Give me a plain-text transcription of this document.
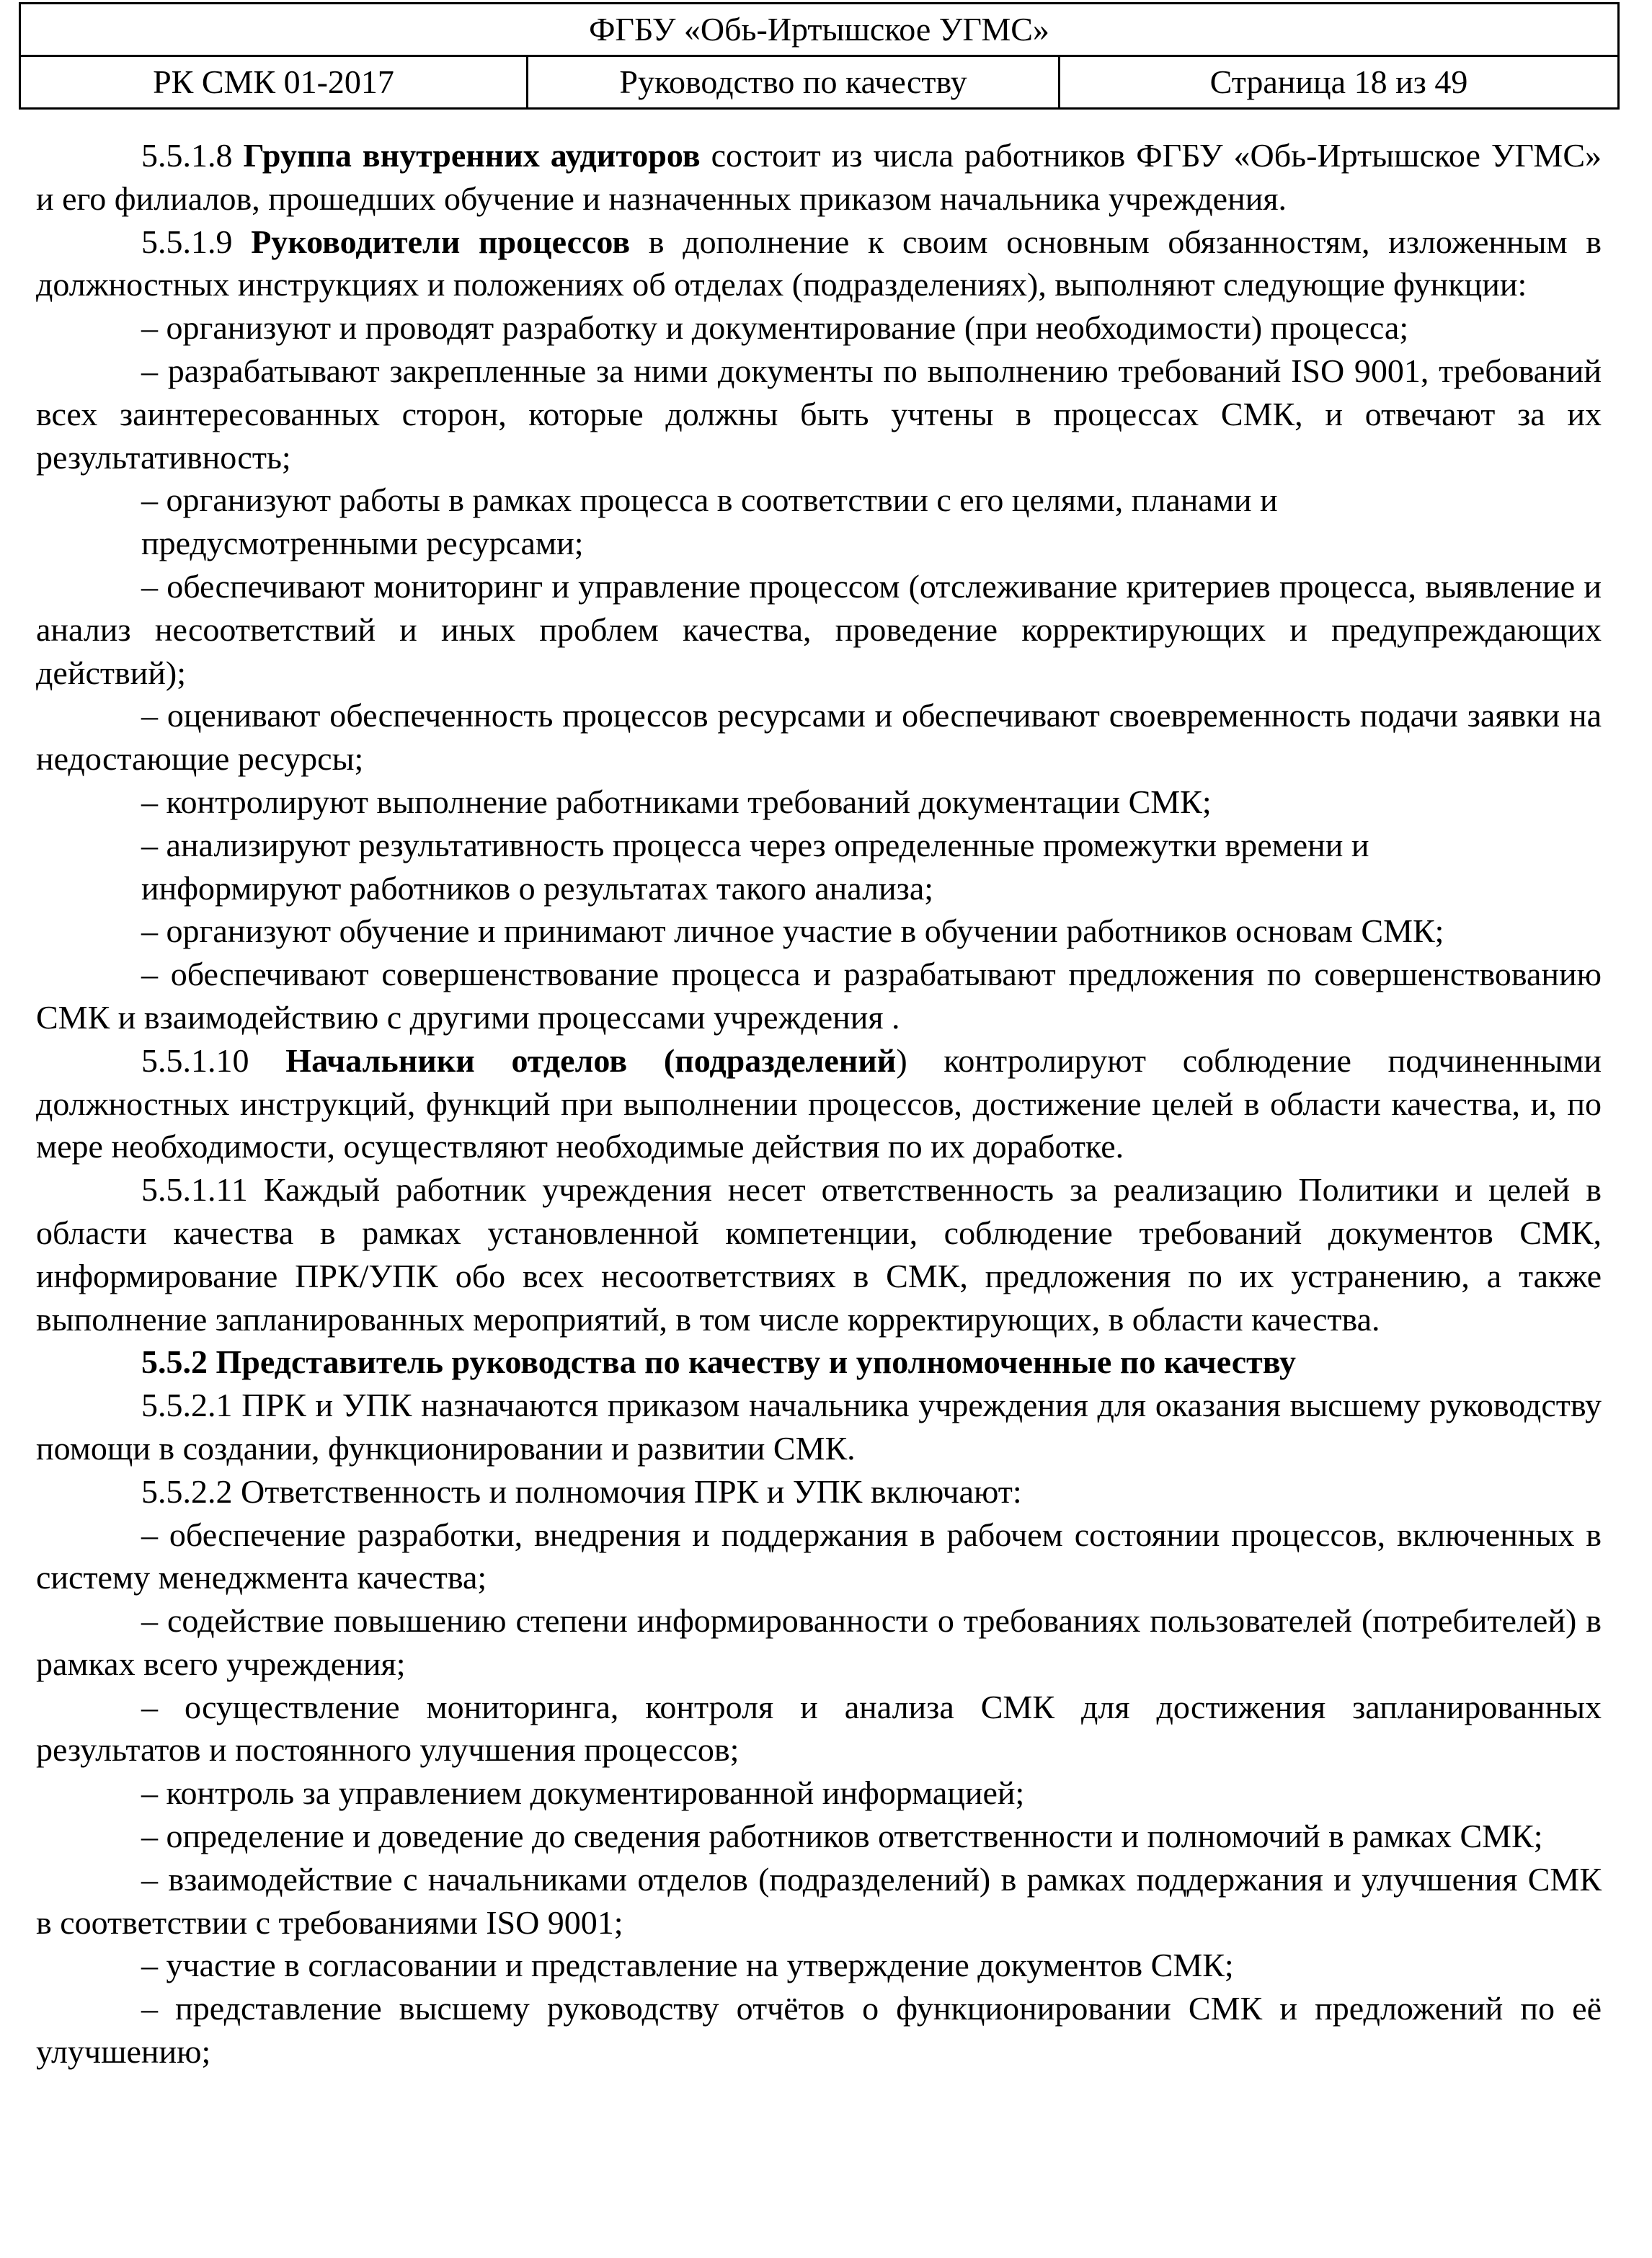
ФГБУ «Обь-Иртышское УГМС»
РК СМК 01-2017	Руководство по качеству	Страница 18 из 49

5.5.1.8 Группа внутренних аудиторов состоит из числа работников ФГБУ «Обь-Иртышское УГМС» и его филиалов, прошедших обучение и назначенных приказом начальника учреждения.

5.5.1.9 Руководители процессов в дополнение к своим основным обязанностям, изложенным в должностных инструкциях и положениях об отделах (подразделениях), выполняют следующие функции:

– организуют и проводят разработку и документирование (при необходимости) процесса;

– разрабатывают закрепленные за ними документы по выполнению требований ISO 9001, требований всех заинтересованных сторон, которые должны быть учтены в процессах СМК, и отвечают за их результативность;

– организуют работы в рамках процесса в соответствии с его целями, планами и

предусмотренными ресурсами;

– обеспечивают мониторинг и управление процессом (отслеживание критериев процесса, выявление и анализ несоответствий и иных проблем качества, проведение корректирующих и предупреждающих действий);

– оценивают обеспеченность процессов ресурсами и обеспечивают своевременность подачи заявки на недостающие ресурсы;

– контролируют выполнение работниками требований документации СМК;

– анализируют результативность процесса через определенные промежутки времени и

информируют работников о результатах такого анализа;

– организуют обучение и принимают личное участие в обучении работников основам СМК;

– обеспечивают совершенствование процесса и разрабатывают предложения по совершенствованию СМК и взаимодействию с другими процессами учреждения .

5.5.1.10 Начальники отделов (подразделений) контролируют соблюдение подчиненными должностных инструкций, функций при выполнении процессов, достижение целей в области качества, и, по мере необходимости, осуществляют необходимые действия по их доработке.

5.5.1.11 Каждый работник учреждения несет ответственность за реализацию Политики и целей в области качества в рамках установленной компетенции, соблюдение требований документов СМК, информирование ПРК/УПК обо всех несоответствиях в СМК, предложения по их устранению, а также выполнение запланированных мероприятий, в том числе корректирующих, в области качества.

5.5.2 Представитель руководства по качеству и уполномоченные по качеству

5.5.2.1 ПРК и УПК назначаются приказом начальника учреждения для оказания высшему руководству помощи в создании, функционировании и развитии СМК.

5.5.2.2 Ответственность и полномочия ПРК и УПК включают:

– обеспечение разработки, внедрения и поддержания в рабочем состоянии процессов, включенных в систему менеджмента качества;

– содействие повышению степени информированности о требованиях пользователей (потребителей) в рамках всего учреждения;

– осуществление мониторинга, контроля и анализа СМК для достижения запланированных результатов и постоянного улучшения процессов;

– контроль за управлением документированной информацией;

– определение и доведение до сведения работников ответственности и полномочий в рамках СМК;

– взаимодействие с начальниками отделов (подразделений) в рамках поддержания и улучшения СМК в соответствии с требованиями ISO 9001;

– участие в согласовании и представление на утверждение документов СМК;

– представление высшему руководству отчётов о функционировании СМК и предложений по её улучшению;
